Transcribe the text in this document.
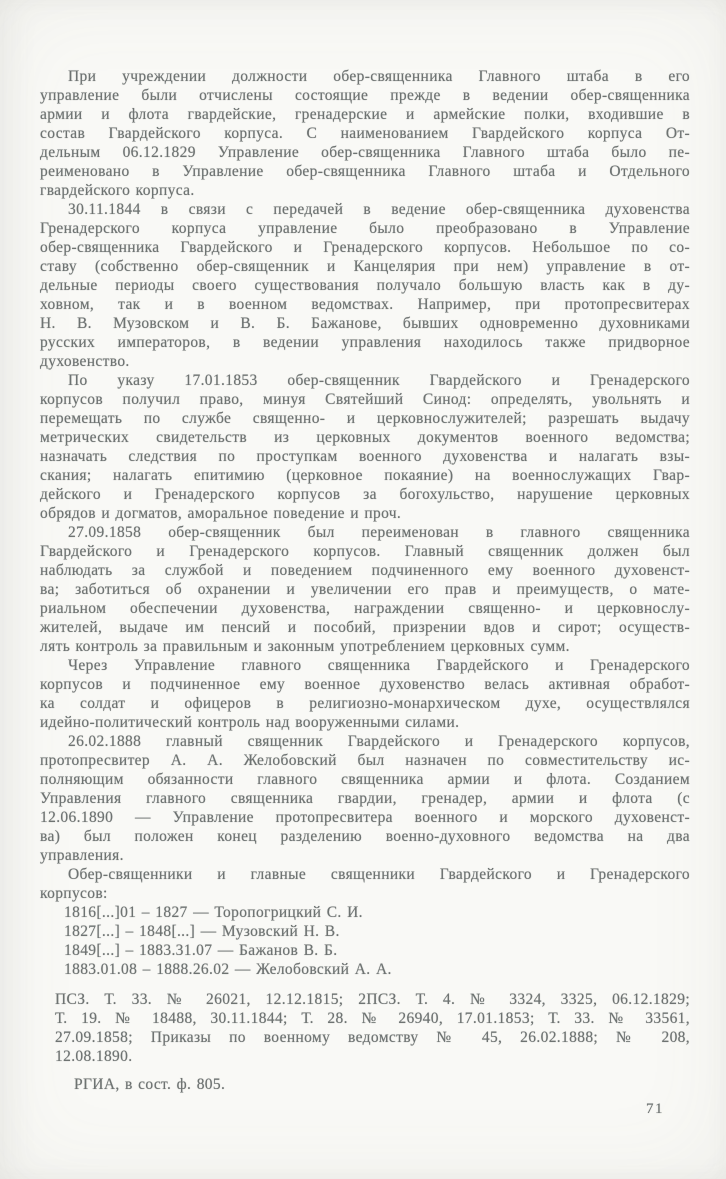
При учреждении должности обер-священника Главного штаба в его
управление были отчислены состоящие прежде в ведении обер-священника
армии и флота гвардейские, гренадерские и армейские полки, входившие в
состав Гвардейского корпуса. С наименованием Гвардейского корпуса От-
дельным 06.12.1829 Управление обер-священника Главного штаба было пе-
реименовано в Управление обер-священника Главного штаба и Отдельного
гвардейского корпуса.
30.11.1844 в связи с передачей в ведение обер-священника духовенства
Гренадерского корпуса управление было преобразовано в Управление
обер-священника Гвардейского и Гренадерского корпусов. Небольшое по со-
ставу (собственно обер-священник и Канцелярия при нем) управление в от-
дельные периоды своего существования получало большую власть как в ду-
ховном, так и в военном ведомствах. Например, при протопресвитерах
Н. В. Музовском и В. Б. Бажанове, бывших одновременно духовниками
русских императоров, в ведении управления находилось также придворное
духовенство.
По указу 17.01.1853 обер-священник Гвардейского и Гренадерского
корпусов получил право, минуя Святейший Синод: определять, увольнять и
перемещать по службе священно- и церковнослужителей; разрешать выдачу
метрических свидетельств из церковных документов военного ведомства;
назначать следствия по проступкам военного духовенства и налагать взы-
скания; налагать епитимию (церковное покаяние) на военнослужащих Гвар-
дейского и Гренадерского корпусов за богохульство, нарушение церковных
обрядов и догматов, аморальное поведение и проч.
27.09.1858 обер-священник был переименован в главного священника
Гвардейского и Гренадерского корпусов. Главный священник должен был
наблюдать за службой и поведением подчиненного ему военного духовенст-
ва; заботиться об охранении и увеличении его прав и преимуществ, о мате-
риальном обеспечении духовенства, награждении священно- и церковнослу-
жителей, выдаче им пенсий и пособий, призрении вдов и сирот; осуществ-
лять контроль за правильным и законным употреблением церковных сумм.
Через Управление главного священника Гвардейского и Гренадерского
корпусов и подчиненное ему военное духовенство велась активная обработ-
ка солдат и офицеров в религиозно-монархическом духе, осуществлялся
идейно-политический контроль над вооруженными силами.
26.02.1888 главный священник Гвардейского и Гренадерского корпусов,
протопресвитер А. А. Желобовский был назначен по совместительству ис-
полняющим обязанности главного священника армии и флота. Созданием
Управления главного священника гвардии, гренадер, армии и флота (с
12.06.1890 — Управление протопресвитера военного и морского духовенст-
ва) был положен конец разделению военно-духовного ведомства на два
управления.
Обер-священники и главные священники Гвардейского и Гренадерского
корпусов:
1816[...]01 – 1827 — Торопогрицкий С. И.
1827[...] – 1848[...] — Музовский Н. В.
1849[...] – 1883.31.07 — Бажанов В. Б.
1883.01.08 – 1888.26.02 — Желобовский А. А.
ПСЗ. Т. 33. № 26021, 12.12.1815; 2ПСЗ. Т. 4. № 3324, 3325, 06.12.1829;
Т. 19. № 18488, 30.11.1844; Т. 28. № 26940, 17.01.1853; Т. 33. № 33561,
27.09.1858; Приказы по военному ведомству № 45, 26.02.1888; № 208,
12.08.1890.
РГИА, в сост. ф. 805.
71
